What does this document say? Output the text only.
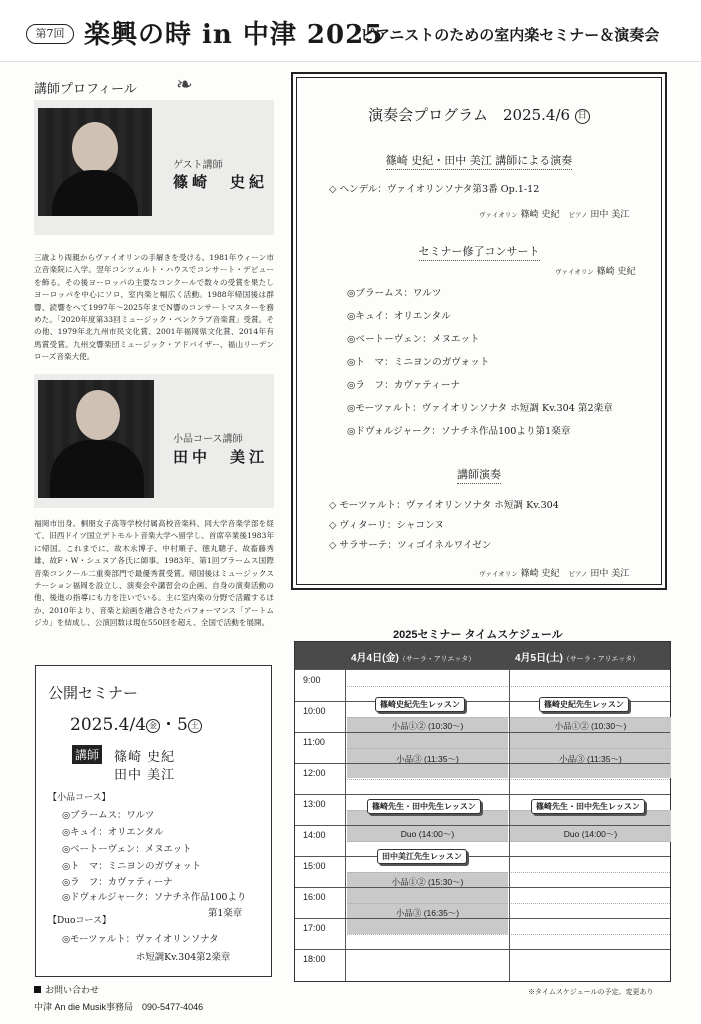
第7回 楽興の時 in 中津 2025
ピアニストのための室内楽セミナー＆演奏会
講師プロフィール ❧
ゲスト講師
篠崎　史紀
三歳より両親からヴァイオリンの手解きを受ける。1981年ウィーン市立音楽院に入学。翌年コンツェルト・ハウスでコンサート・デビューを飾る。その後ヨーロッパの主要なコンクールで数々の受賞を果たしヨーロッパを中心にソロ、室内楽と幅広く活動。1988年帰国後は群響、読響をへて1997年〜2025年までN響のコンサートマスターを務めた。「2020年度第33回ミュージック・ペンクラブ音楽賞」受賞。その他、1979年北九州市民文化賞、2001年福岡県文化賞、2014年有馬賞受賞。九州交響楽団ミュージック・アドバイザー、福山リーデンローズ音楽大使。
小品コース講師
田中　美江
福岡市出身。桐朋女子高等学校付属高校音楽科、同大学音楽学部を経て、旧西ドイツ国立デトモルト音楽大学へ留学し、首席卒業後1983年に帰国。これまでに、故木永博子、中村順子、徳丸聰子、故畜藤秀雄、故F・W・シュヌア各氏に師事。1983年、第1回ブラームス国際音楽コンクール二重奏部門で最優秀賞受賞。帰国後はミュージックステーション福岡を設立し、演奏会や講習会の企画、自身の演奏活動の他、後進の指導にも力を注いでいる。主に室内楽の分野で活躍するほか、2010年より、音楽と絵画を融合させたパフォーマンス「アートムジカ」を結成し、公演回数は現在550回を超え、全国で活動を展開。
演奏会プログラム　2025.4/6 日
篠崎 史紀・田中 美江 講師による演奏
◇ ヘンデル：ヴァイオリンソナタ第3番 Op.1-12
ヴァイオリン 篠崎 史紀　 ピアノ 田中 美江
セミナー修了コンサート
ヴァイオリン 篠崎 史紀
◎ブラームス：ワルツ
◎キュイ：オリエンタル
◎ベートーヴェン：メヌエット
◎ト　マ：ミニヨンのガヴォット
◎ラ　フ：カヴァティーナ
◎モーツァルト：ヴァイオリンソナタ ホ短調 Kv.304 第2楽章
◎ドヴォルジャーク：ソナチネ作品100より第1楽章
講師演奏
◇ モーツァルト：ヴァイオリンソナタ ホ短調 Kv.304
◇ ヴィターリ：シャコンヌ
◇ サラサーテ：ツィゴイネルワイゼン
ヴァイオリン 篠崎 史紀　 ピアノ 田中 美江
2025セミナー タイムスケジュール
4月4日(金)（サーラ・アリエッタ）	4月5日(土)（サーラ・アリエッタ）
9:00
10:00
11:00
12:00
13:00
14:00
15:00
16:00
17:00
18:00
篠崎史紀先生レッスン
小品①② (10:30〜)
小品③ (11:35〜)
篠崎先生・田中先生レッスン
Duo (14:00〜)
田中美江先生レッスン
小品①② (15:30〜)
小品③ (16:35〜)
篠崎史紀先生レッスン
小品①② (10:30〜)
小品③ (11:35〜)
篠崎先生・田中先生レッスン
Duo (14:00〜)
※タイムスケジュールの予定。変更あり
公開セミナー
2025.4/4 金 ・5 土
講師 篠崎 史紀
田中 美江
【小品コース】
◎ブラームス：ワルツ
◎キュイ：オリエンタル
◎ベートーヴェン：メヌエット
◎ト　マ：ミニヨンのガヴォット
◎ラ　フ：カヴァティーナ
◎ドヴォルジャーク：ソナチネ作品100より
第1楽章
【Duoコース】
◎モーツァルト：ヴァイオリンソナタ
ホ短調Kv.304第2楽章
お問い合わせ
中津 An die Musik事務局　 090-5477-4046
